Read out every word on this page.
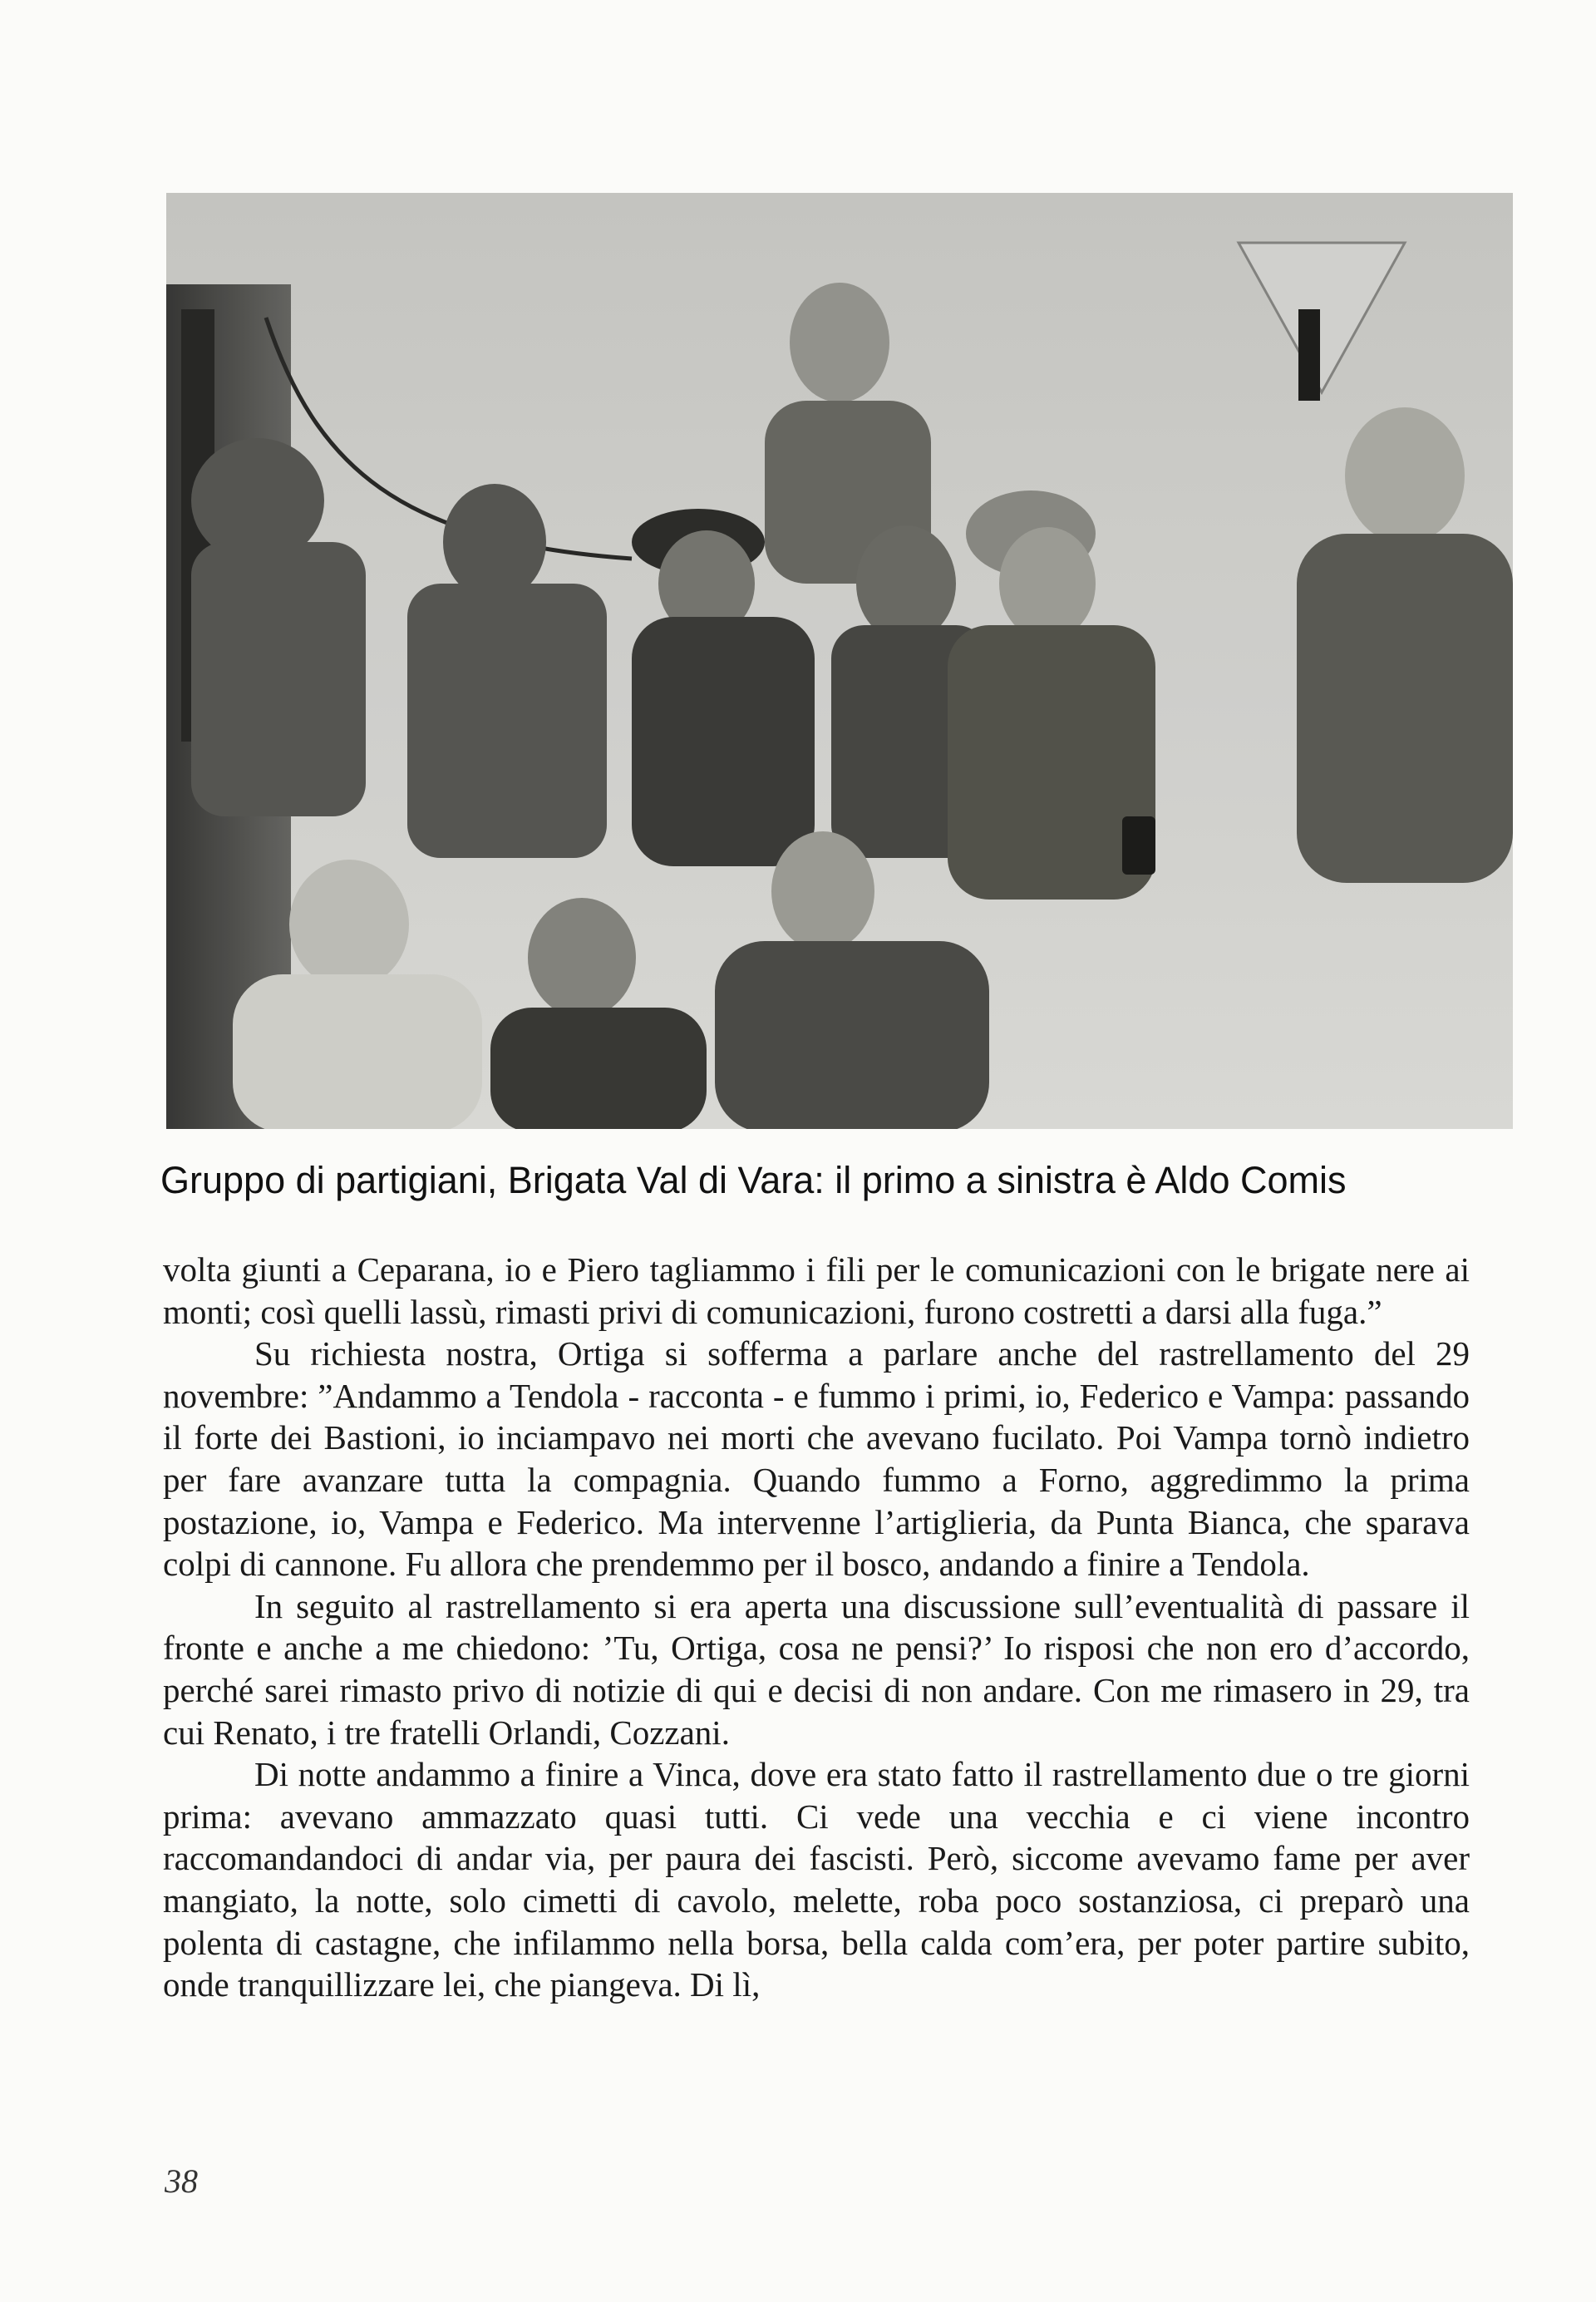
Gruppo di partigiani, Brigata Val di Vara: il primo a sinistra è Aldo Comis

volta giunti a Ceparana, io e Piero tagliammo i fili per le comunicazioni con le brigate nere ai monti; così quelli lassù, rimasti privi di comunicazioni, furono costretti a darsi alla fuga.”

Su richiesta nostra, Ortiga si sofferma a parlare anche del rastrellamento del 29 novembre: ”Andammo a Tendola - racconta - e fummo i primi, io, Federico e Vampa: passando il forte dei Bastioni, io inciampavo nei morti che avevano fucilato. Poi Vampa tornò indietro per fare avanzare tutta la compagnia. Quando fummo a Forno, aggredimmo la prima postazione, io, Vampa e Federico. Ma intervenne l’artiglieria, da Punta Bianca, che sparava colpi di cannone. Fu allora che prendemmo per il bosco, andando a finire a Tendola.

In seguito al rastrellamento si era aperta una discussione sull’eventualità di passare il fronte e anche a me chiedono: ’Tu, Ortiga, cosa ne pensi?’ Io risposi che non ero d’accordo, perché sarei rimasto privo di notizie di qui e decisi di non andare. Con me rimasero in 29, tra cui Renato, i tre fratelli Orlandi, Cozzani.

Di notte andammo a finire a Vinca, dove era stato fatto il rastrellamento due o tre giorni prima: avevano ammazzato quasi tutti. Ci vede una vecchia e ci viene incontro raccomandandoci di andar via, per paura dei fascisti. Però, siccome avevamo fame per aver mangiato, la notte, solo cimetti di cavolo, melette, roba poco sostanziosa, ci preparò una polenta di castagne, che infilammo nella borsa, bella calda com’era, per poter partire subito, onde tranquillizzare lei, che piangeva. Di lì,

38
